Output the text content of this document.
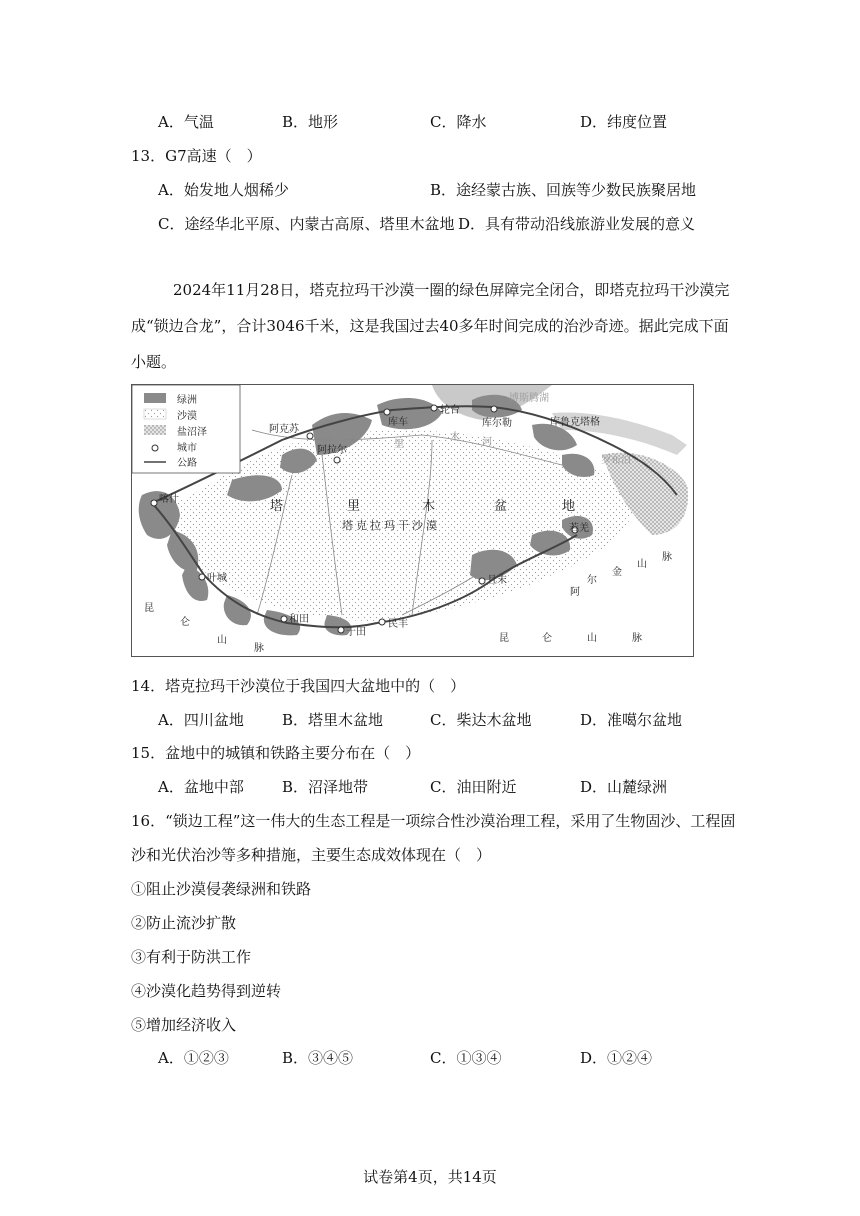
A．气温	B．地形	C．降水	D．纬度位置
13．G7高速（　）
A．始发地人烟稀少	B．途经蒙古族、回族等少数民族聚居地
C．途经华北平原、内蒙古高原、塔里木盆地 D．具有带动沿线旅游业发展的意义
2024年11月28日，塔克拉玛干沙漠一圈的绿色屏障完全闭合，即塔克拉玛干沙漠完成“锁边合龙”，合计3046千米，这是我国过去40多年时间完成的治沙奇迹。据此完成下面小题。
绿洲
沙漠
盐沼泽
城市
公路
喀什
阿克苏
阿拉尔
库车
轮台
库尔勒
若羌
且末
民丰
于田
和田
叶城
库鲁克塔格
罗布泊
博斯腾湖
塔克拉玛干沙漠
塔	里	木	盆	地
塔	里
木 河
昆
仑
山
脉
昆	仑	山	脉
阿
尔
金
山
脉
14．塔克拉玛干沙漠位于我国四大盆地中的（　）
A．四川盆地	B．塔里木盆地	C．柴达木盆地	D．准噶尔盆地
15．盆地中的城镇和铁路主要分布在（　）
A．盆地中部	B．沼泽地带	C．油田附近	D．山麓绿洲
16．“锁边工程”这一伟大的生态工程是一项综合性沙漠治理工程，采用了生物固沙、工程固
沙和光伏治沙等多种措施，主要生态成效体现在（　）
①阻止沙漠侵袭绿洲和铁路
②防止流沙扩散
③有利于防洪工作
④沙漠化趋势得到逆转
⑤增加经济收入
A．①②③	B．③④⑤	C．①③④	D．①②④
试卷第4页，共14页
